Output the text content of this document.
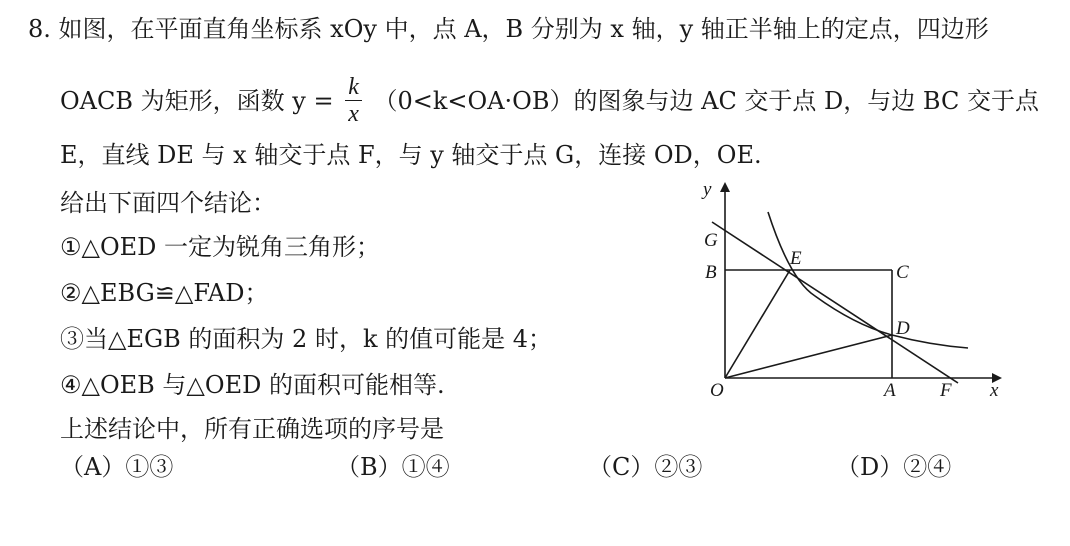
8. 如图，在平面直角坐标系 xOy 中，点 A，B 分别为 x 轴，y 轴正半轴上的定点，四边形
OACB 为矩形，函数 $y = \frac{k}{x} (0<k<OA\cdot OB)$的图象与边 AC 交于点 D，与边 BC 交于点
E，直线 DE 与 x 轴交于点 F，与 y 轴交于点 G，连接 OD，OE.
给出下面四个结论：
①△OED 一定为锐角三角形；
②△EBG≌△FAD；
③当△EGB 的面积为 2 时，k 的值可能是 4；
④△OEB 与△OED 的面积可能相等.
上述结论中，所有正确选项的序号是
（A）①③	（B）①④	（C）②③	（D）②④
y
G
B
E
C
D
O	A F x
